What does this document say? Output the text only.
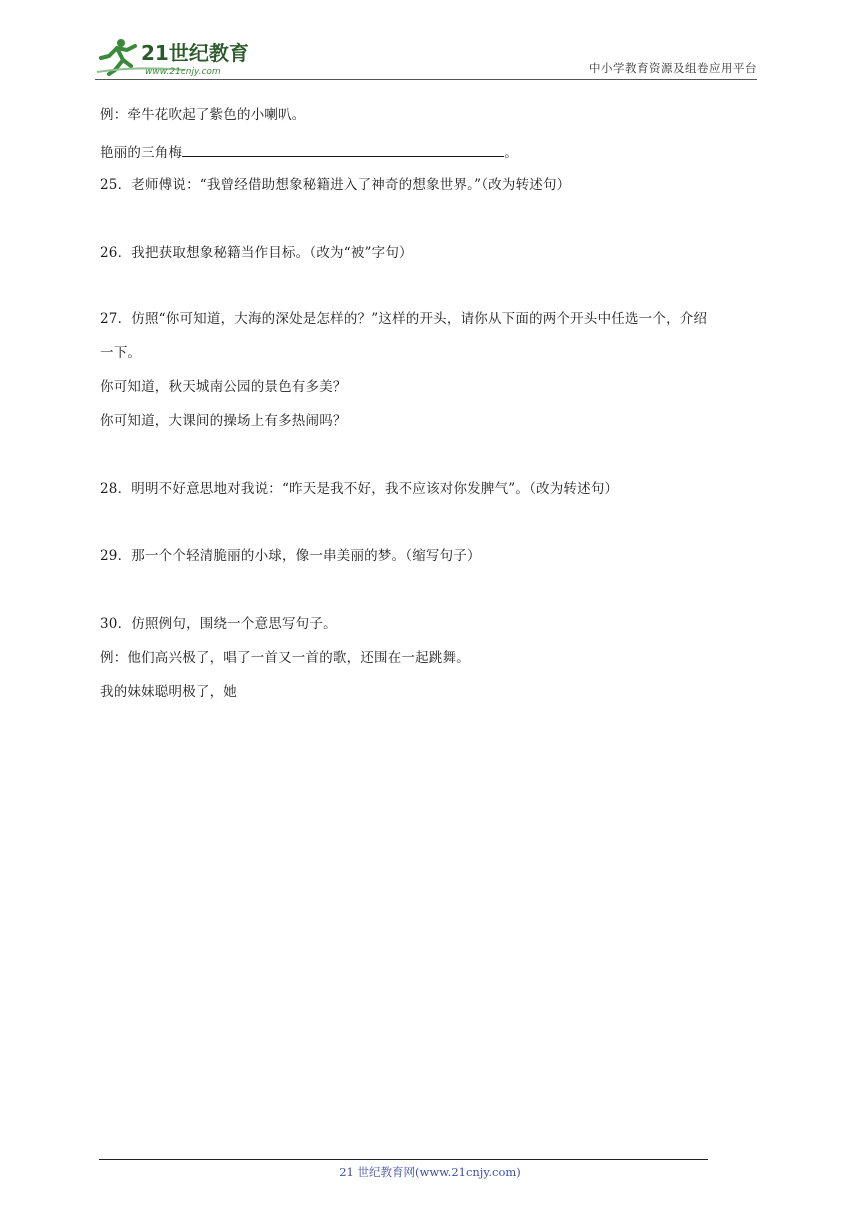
21世纪教育
www.21cnjy.com	中小学教育资源及组卷应用平台
例：牵牛花吹起了紫色的小喇叭。
艳丽的三角梅	。
25．老师傅说：“我曾经借助想象秘籍进入了神奇的想象世界。”（改为转述句）
26．我把获取想象秘籍当作目标。（改为“被”字句）
27．仿照“你可知道，大海的深处是怎样的？”这样的开头，请你从下面的两个开头中任选一个，介绍
一下。
你可知道，秋天城南公园的景色有多美？
你可知道，大课间的操场上有多热闹吗？
28．明明不好意思地对我说：“昨天是我不好，我不应该对你发脾气”。（改为转述句）
29．那一个个轻清脆丽的小球，像一串美丽的梦。（缩写句子）
30．仿照例句，围绕一个意思写句子。
例：他们高兴极了，唱了一首又一首的歌，还围在一起跳舞。
我的妹妹聪明极了，她
21 世纪教育网(www.21cnjy.com)
